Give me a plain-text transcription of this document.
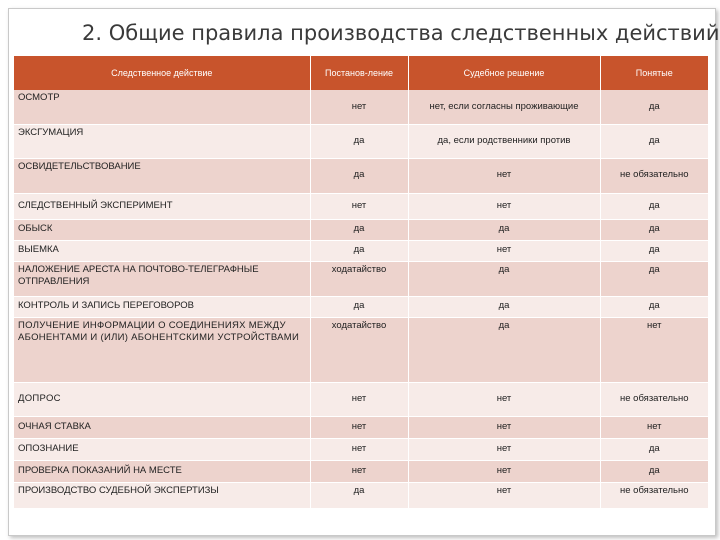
2. Общие правила производства следственных действий
Следственное действие	Постанов-ление	Судебное решение	Понятые
ОСМОТР	нет	нет, если согласны проживающие	да
ЭКСГУМАЦИЯ	да	да, если родственники против	да
ОСВИДЕТЕЛЬСТВОВАНИЕ	да	нет	не обязательно
СЛЕДСТВЕННЫЙ ЭКСПЕРИМЕНТ	нет	нет	да
ОБЫСК	да	да	да
ВЫЕМКА	да	нет	да
НАЛОЖЕНИЕ АРЕСТА НА ПОЧТОВО-ТЕЛЕГРАФНЫЕ ОТПРАВЛЕНИЯ	ходатайство	да	да
КОНТРОЛЬ И ЗАПИСЬ ПЕРЕГОВОРОВ	да	да	да
ПОЛУЧЕНИЕ ИНФОРМАЦИИ О СОЕДИНЕНИЯХ МЕЖДУ АБОНЕНТАМИ И (ИЛИ) АБОНЕНТСКИМИ УСТРОЙСТВАМИ	ходатайство	да	нет
ДОПРОС	нет	нет	не обязательно
ОЧНАЯ СТАВКА	нет	нет	нет
ОПОЗНАНИЕ	нет	нет	да
ПРОВЕРКА ПОКАЗАНИЙ НА МЕСТЕ	нет	нет	да
ПРОИЗВОДСТВО СУДЕБНОЙ ЭКСПЕРТИЗЫ	да	нет	не обязательно
